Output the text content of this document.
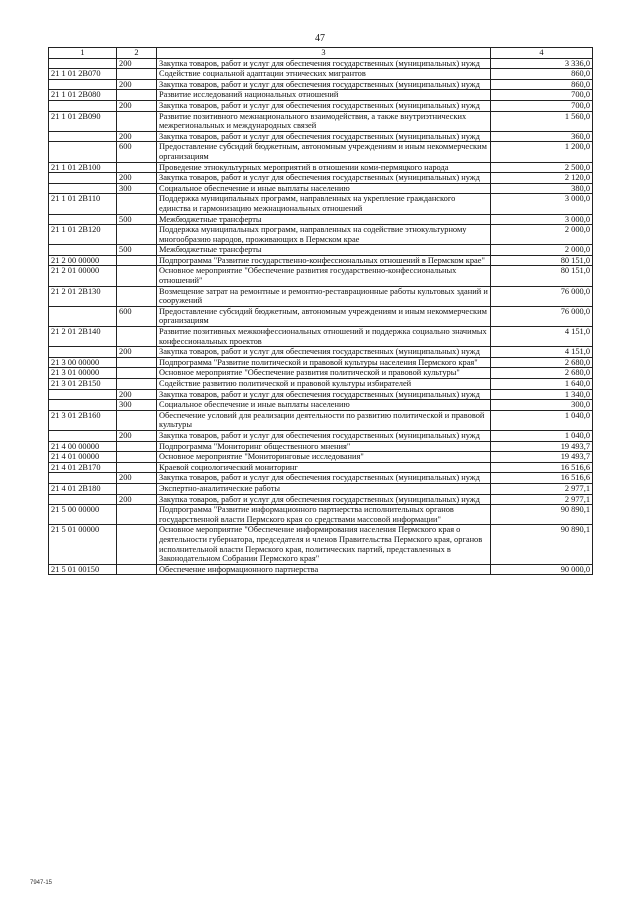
47
1	2	3	4
	200	Закупка товаров, работ и услуг для обеспечения государственных (муниципальных) нужд	3 336,0
21 1 01 2В070		Содействие социальной адаптации этнических мигрантов	860,0
	200	Закупка товаров, работ и услуг для обеспечения государственных (муниципальных) нужд	860,0
21 1 01 2В080		Развитие исследований национальных отношений	700,0
	200	Закупка товаров, работ и услуг для обеспечения государственных (муниципальных) нужд	700,0
21 1 01 2В090		Развитие позитивного межнационального взаимодействия, а также внутриэтнических межрегиональных и международных связей	1 560,0
	200	Закупка товаров, работ и услуг для обеспечения государственных (муниципальных) нужд	360,0
	600	Предоставление субсидий бюджетным, автономным учреждениям и иным некоммерческим организациям	1 200,0
21 1 01 2В100		Проведение этнокультурных мероприятий в отношении коми-пермяцкого народа	2 500,0
	200	Закупка товаров, работ и услуг для обеспечения государственных (муниципальных) нужд	2 120,0
	300	Социальное обеспечение и иные выплаты населению	380,0
21 1 01 2В110		Поддержка муниципальных программ, направленных на укрепление гражданского единства и гармонизацию межнациональных отношений	3 000,0
	500	Межбюджетные трансферты	3 000,0
21 1 01 2В120		Поддержка муниципальных программ, направленных на содействие этнокультурному многообразию народов, проживающих в Пермском крае	2 000,0
	500	Межбюджетные трансферты	2 000,0
21 2 00 00000		Подпрограмма "Развитие государственно-конфессиональных отношений в Пермском крае"	80 151,0
21 2 01 00000		Основное мероприятие "Обеспечение развития государственно-конфессиональных отношений"	80 151,0
21 2 01 2В130		Возмещение затрат на ремонтные и ремонтно-реставрационные работы культовых зданий и сооружений	76 000,0
	600	Предоставление субсидий бюджетным, автономным учреждениям и иным некоммерческим организациям	76 000,0
21 2 01 2В140		Развитие позитивных межконфессиональных отношений и поддержка социально значимых конфессиональных проектов	4 151,0
	200	Закупка товаров, работ и услуг для обеспечения государственных (муниципальных) нужд	4 151,0
21 3 00 00000		Подпрограмма "Развитие политической и правовой культуры населения Пермского края"	2 680,0
21 3 01 00000		Основное мероприятие "Обеспечение развития политической и правовой культуры"	2 680,0
21 3 01 2В150		Содействие развитию политической и правовой культуры избирателей	1 640,0
	200	Закупка товаров, работ и услуг для обеспечения государственных (муниципальных) нужд	1 340,0
	300	Социальное обеспечение и иные выплаты населению	300,0
21 3 01 2В160		Обеспечение условий для реализации деятельности по развитию политической и правовой культуры	1 040,0
	200	Закупка товаров, работ и услуг для обеспечения государственных (муниципальных) нужд	1 040,0
21 4 00 00000		Подпрограмма "Мониторинг общественного мнения"	19 493,7
21 4 01 00000		Основное мероприятие "Мониторинговые исследования"	19 493,7
21 4 01 2В170		Краевой социологический мониторинг	16 516,6
	200	Закупка товаров, работ и услуг для обеспечения государственных (муниципальных) нужд	16 516,6
21 4 01 2В180		Экспертно-аналитические работы	2 977,1
	200	Закупка товаров, работ и услуг для обеспечения государственных (муниципальных) нужд	2 977,1
21 5 00 00000		Подпрограмма "Развитие информационного партнерства исполнительных органов государственной власти Пермского края со средствами массовой информации"	90 890,1
21 5 01 00000		Основное мероприятие "Обеспечение информирования населения Пермского края о деятельности губернатора, председателя и членов Правительства Пермского края, органов исполнительной власти Пермского края, политических партий, представленных в Законодательном Собрании Пермского края"	90 890,1
21 5 01 00150		Обеспечение информационного партнерства	90 000,0
7947-15
